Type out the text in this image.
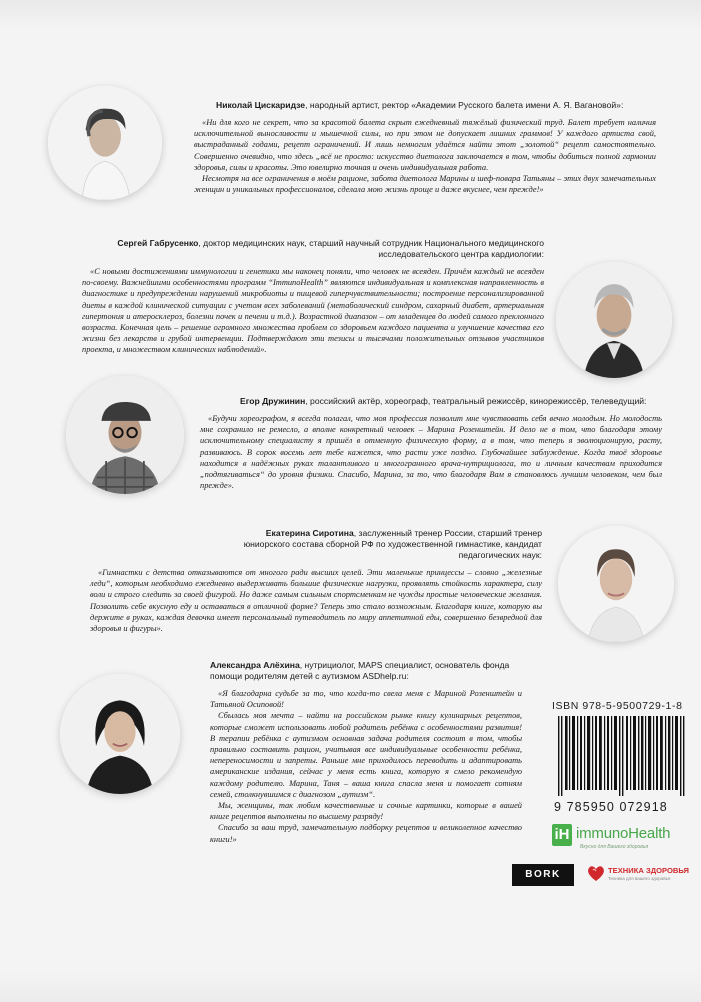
Николай Цискаридзе, народный артист, ректор «Академии Русского балета имени А. Я. Вагановой»:

«Ни для кого не секрет, что за красотой балета скрыт ежедневный тяжёлый физический труд. Балет требует наличия исключительной выносливости и мышечной силы, но при этом не допускает лишних граммов! У каждого артиста свой, выстраданный годами, рецепт ограничений. И лишь немногим удаётся найти этот „золотой“ рецепт самостоятельно. Совершенно очевидно, что здесь „всё не просто: искусство диетолога заключается в том, чтобы добиться полной гармонии здоровья, силы и красоты. Это ювелирно точная и очень индивидуальная работа.

Несмотря на все ограничения в моём рационе, забота диетолога Марины и шеф-повара Татьяны – этих двух замечательных женщин и уникальных профессионалов, сделала мою жизнь проще и даже вкуснее, чем прежде!»

Сергей Габрусенко, доктор медицинских наук, старший научный сотрудник Национального медицинского исследовательского центра кардиологии:

«С новыми достижениями иммунологии и генетики мы наконец поняли, что человек не всеяден. Причём каждый не всеяден по-своему. Важнейшими особенностями программ “ImmunoHealth” являются индивидуальная и комплексная направленность в диагностике и предупреждении нарушений микробиоты и пищевой гиперчувствительности; построение персонализированной диеты в каждой клинической ситуации с учетом всех заболеваний (метаболический синдром, сахарный диабет, артериальная гипертония и атеросклероз, болезни почек и печени и т.д.). Возрастной диапазон – от младенцев до людей самого преклонного возраста. Конечная цель – решение огромного множества проблем со здоровьем каждого пациента и улучшение качества его жизни без лекарств и грубой интервенции. Подтверждают эти тезисы и тысячами положительных отзывов участников проекта, и множеством клинических наблюдений».

Егор Дружинин, российский актёр, хореограф, театральный режиссёр, кинорежиссёр, телеведущий:

«Будучи хореографом, я всегда полагал, что моя профессия позволит мне чувствовать себя вечно молодым. Но молодость мне сохранило не ремесло, а вполне конкретный человек – Марина Розенштейн. И дело не в том, что благодаря этому исключительному специалисту я пришёл в отменную физическую форму, а в том, что теперь я эволюционирую, расту, развиваюсь. В сорок восемь лет тебе кажется, что расти уже поздно. Глубочайшее заблуждение. Когда твоё здоровье находится в надёжных руках талантливого и многогранного врача-нутрициолога, то и личным качествам приходится „подтягиваться“ до уровня физики. Спасибо, Марина, за то, что благодаря Вам я становлюсь лучшим человеком, чем был прежде».

Екатерина Сиротина, заслуженный тренер России, старший тренер юниорского состава сборной РФ по художественной гимнастике, кандидат педагогических наук:

«Гимнастки с детства отказываются от многого ради высших целей. Эти маленькие принцессы – словно „железные леди“, которым необходимо ежедневно выдерживать большие физические нагрузки, проявлять стойкость характера, силу воли и строго следить за своей фигурой. Но даже самым сильным спортсменкам не чужды простые человеческие желания. Позволить себе вкусную еду и оставаться в отличной форме? Теперь это стало возможным. Благодаря книге, которую вы держите в руках, каждая девочка имеет персональный путеводитель по миру аппетитной еды, совершенно безвредной для здоровья и фигуры».

Александра Алёхина, нутрициолог, MAPS специалист, основатель фонда помощи родителям детей с аутизмом ASDhelp.ru:

«Я благодарна судьбе за то, что когда-то свела меня с Мариной Розенштейн и Татьяной Осиповой!

Сбылась моя мечта – найти на российском рынке книгу кулинарных рецептов, которые сможет использовать любой родитель ребёнка с особенностями развития! В терапии ребёнка с аутизмом основная задача родителя состоит в том, чтобы правильно составить рацион, учитывая все индивидуальные особенности ребёнка, непереносимости и запреты. Раньше мне приходилось переводить и адаптировать американские издания, сейчас у меня есть книга, которую я смело рекомендую каждому родителю. Марина, Таня – ваша книга спасла меня и помогает сотням семей, столкнувшимся с диагнозом „аутизм“.

Мы, женщины, так любим качественные и сочные картинки, которые в вашей книге рецептов выполнены по высшему разряду!

Спасибо за ваш труд, замечательную подборку рецептов и великолепное качество книги!»

ISBN 978-5-9500729-1-8
9 785950 072918
iH immunoHealth
Вкусно для Вашего здоровья
BORK	ТЕХНИКА ЗДОРОВЬЯ
Техника для вашего здоровья
